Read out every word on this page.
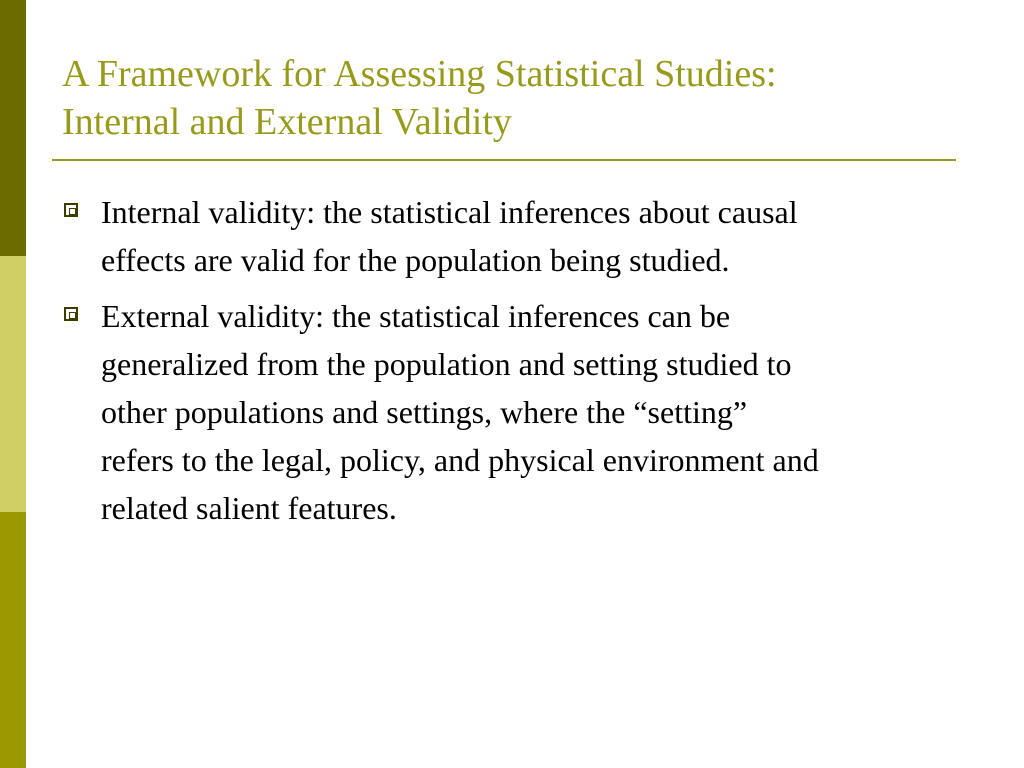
A Framework for Assessing Statistical Studies:
Internal and External Validity
Internal validity: the statistical inferences about causal
effects are valid for the population being studied.
External validity: the statistical inferences can be
generalized from the population and setting studied to
other populations and settings, where the “setting”
refers to the legal, policy, and physical environment and
related salient features.
